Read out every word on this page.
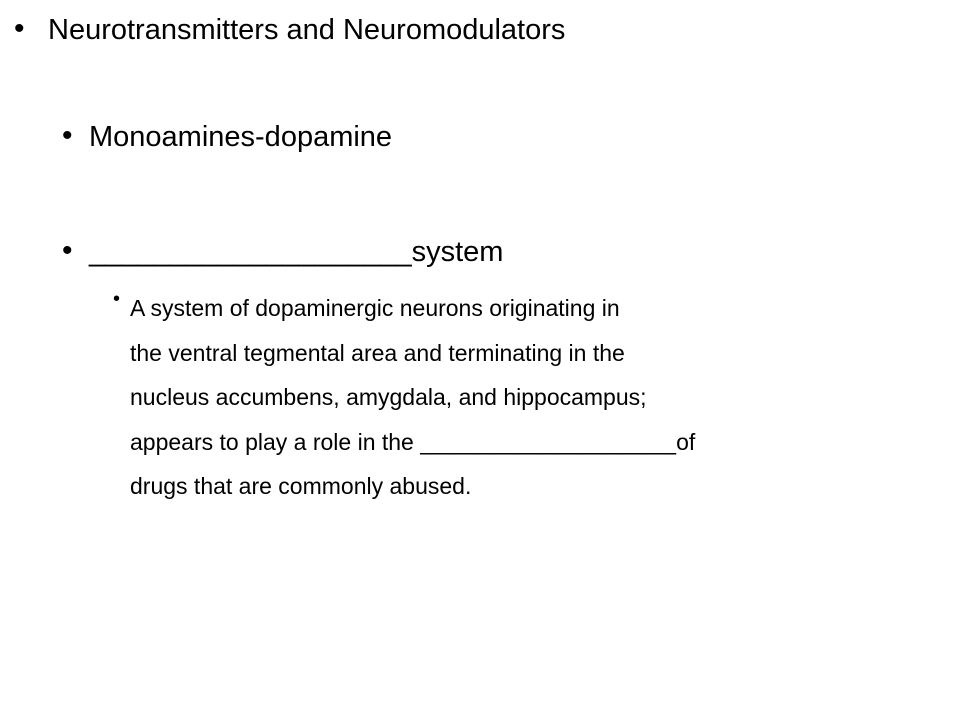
• Neurotransmitters and Neuromodulators
• Monoamines-dopamine
• ____________________system
• A system of dopaminergic neurons originating in
the ventral tegmental area and terminating in the
nucleus accumbens, amygdala, and hippocampus;
appears to play a role in the ____________________of
drugs that are commonly abused.
